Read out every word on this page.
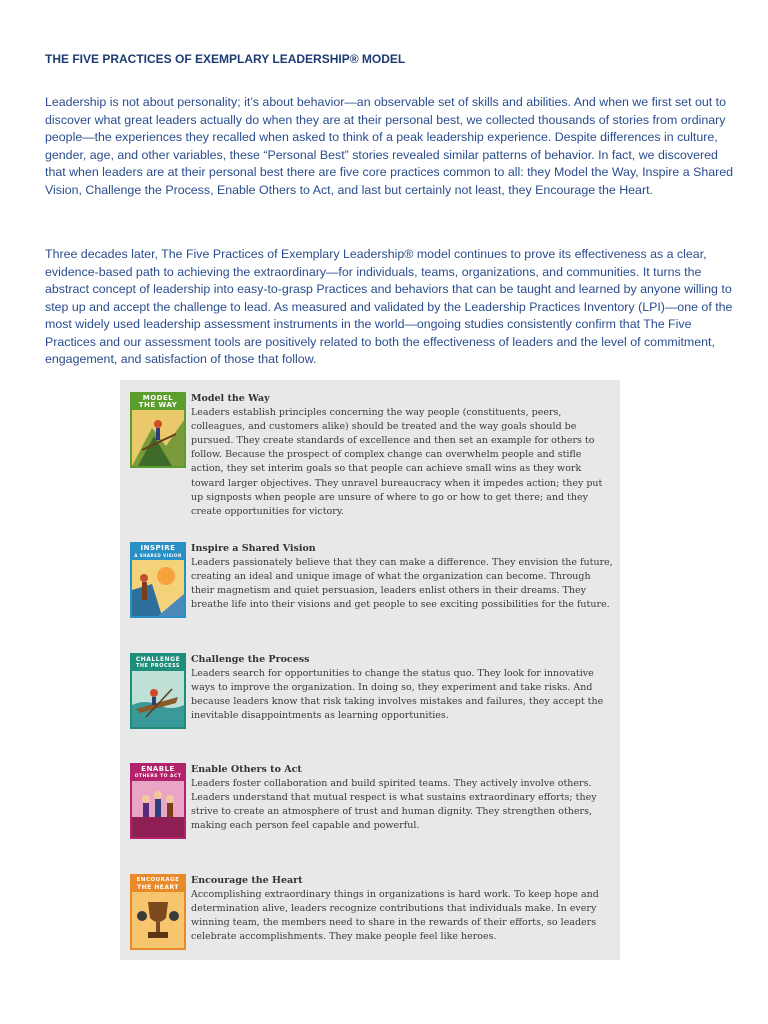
THE FIVE PRACTICES OF EXEMPLARY LEADERSHIP® MODEL

Leadership is not about personality; it’s about behavior—an observable set of skills and abilities. And when we first set out to discover what great leaders actually do when they are at their personal best, we collected thousands of stories from ordinary people—the experiences they recalled when asked to think of a peak leadership experience. Despite differences in culture, gender, age, and other variables, these “Personal Best” stories revealed similar patterns of behavior. In fact, we discovered that when leaders are at their personal best there are five core practices common to all: they Model the Way, Inspire a Shared Vision, Challenge the Process, Enable Others to Act, and last but certainly not least, they Encourage the Heart.

Three decades later, The Five Practices of Exemplary Leadership® model continues to prove its effectiveness as a clear, evidence-based path to achieving the extraordinary—for individuals, teams, organizations, and communities. It turns the abstract concept of leadership into easy-to-grasp Practices and behaviors that can be taught and learned by anyone willing to step up and accept the challenge to lead. As measured and validated by the Leadership Practices Inventory (LPI)—one of the most widely used leadership assessment instruments in the world—ongoing studies consistently confirm that The Five Practices and our assessment tools are positively related to both the effectiveness of leaders and the level of commitment, engagement, and satisfaction of those that follow.

MODEL
THE WAY
Model the Way
Leaders establish principles concerning the way people (constituents, peers, colleagues, and customers alike) should be treated and the way goals should be pursued. They create standards of excellence and then set an example for others to follow. Because the prospect of complex change can overwhelm people and stifle action, they set interim goals so that people can achieve small wins as they work toward larger objectives. They unravel bureaucracy when it impedes action; they put up signposts when people are unsure of where to go or how to get there; and they create opportunities for victory.
INSPIRE
A SHARED VISION
Inspire a Shared Vision
Leaders passionately believe that they can make a difference. They envision the future, creating an ideal and unique image of what the organization can become. Through their magnetism and quiet persuasion, leaders enlist others in their dreams. They breathe life into their visions and get people to see exciting possibilities for the future.
CHALLENGE
THE PROCESS
Challenge the Process
Leaders search for opportunities to change the status quo. They look for innovative ways to improve the organization. In doing so, they experiment and take risks. And because leaders know that risk taking involves mistakes and failures, they accept the inevitable disappointments as learning opportunities.
ENABLE
OTHERS TO ACT
Enable Others to Act
Leaders foster collaboration and build spirited teams. They actively involve others. Leaders understand that mutual respect is what sustains extraordinary efforts; they strive to create an atmosphere of trust and human dignity. They strengthen others, making each person feel capable and powerful.
ENCOURAGE
THE HEART
Encourage the Heart
Accomplishing extraordinary things in organizations is hard work. To keep hope and determination alive, leaders recognize contributions that individuals make. In every winning team, the members need to share in the rewards of their efforts, so leaders celebrate accomplishments. They make people feel like heroes.
